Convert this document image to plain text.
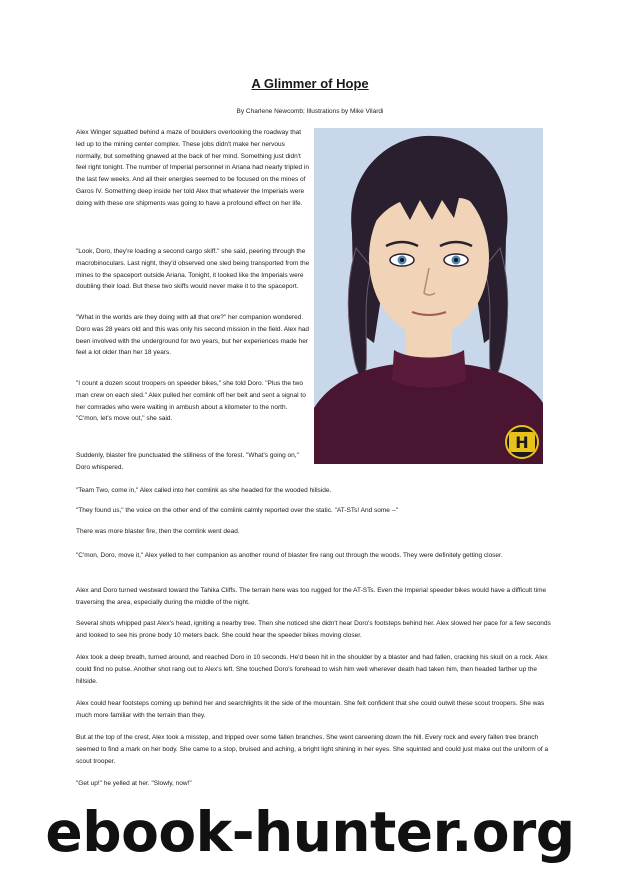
A Glimmer of Hope

By Charlene Newcomb; Illustrations by Mike Vilardi

Alex Winger squatted behind a maze of boulders overlooking the roadway that led up to the mining center complex. These jobs didn't make her nervous normally, but something gnawed at the back of her mind. Something just didn't feel right tonight. The number of Imperial personnel in Ariana had nearly tripled in the last few weeks. And all their energies seemed to be focused on the mines of Garos IV. Something deep inside her told Alex that whatever the Imperials were doing with these ore shipments was going to have a profound effect on her life.

"Look, Doro, they're loading a second cargo skiff." she said, peering through the macrobinoculars. Last night, they'd observed one sled being transported from the mines to the spaceport outside Ariana. Tonight, it looked like the Imperials were doubling their load. But these two skiffs would never make it to the spaceport.

"What in the worlds are they doing with all that ore?" her companion wondered. Doro was 28 years old and this was only his second mission in the field. Alex had been involved with the underground for two years, but her experiences made her feel a lot older than her 18 years.

"I count a dozen scout troopers on speeder bikes," she told Doro. "Plus the two man crew on each sled." Alex pulled her comlink off her belt and sent a signal to her comrades who were waiting in ambush about a kilometer to the north. "C'mon, let's move out," she said.

Suddenly, blaster fire punctuated the stillness of the forest. "What's going on," Doro whispered.

"Team Two, come in," Alex called into her comlink as she headed for the wooded hillside.

"They found us," the voice on the other end of the comlink calmly reported over the static. "AT-STs! And some --"

There was more blaster fire, then the comlink went dead.

"C'mon, Doro, move it," Alex yelled to her companion as another round of blaster fire rang out through the woods. They were definitely getting closer.

Alex and Doro turned westward toward the Tahika Cliffs. The terrain here was too rugged for the AT-STs. Even the Imperial speeder bikes would have a difficult time traversing the area, especially during the middle of the night.

Several shots whipped past Alex's head, igniting a nearby tree. Then she noticed she didn't hear Doro's footsteps behind her. Alex slowed her pace for a few seconds and looked to see his prone body 10 meters back. She could hear the speeder bikes moving closer.

Alex took a deep breath, turned around, and reached Doro in 10 seconds. He'd been hit in the shoulder by a blaster and had fallen, cracking his skull on a rock. Alex could find no pulse. Another shot rang out to Alex's left. She touched Doro's forehead to wish him well wherever death had taken him, then headed farther up the hillside.

Alex could hear footsteps coming up behind her and searchlights lit the side of the mountain. She felt confident that she could outwit these scout troopers. She was much more familiar with the terrain than they.

But at the top of the crest, Alex took a misstep, and tripped over some fallen branches. She went careening down the hill. Every rock and every fallen tree branch seemed to find a mark on her body. She came to a stop, bruised and aching, a bright light shining in her eyes. She squinted and could just make out the uniform of a scout trooper.

"Get up!" he yelled at her. "Slowly, now!"

H
ebook-hunter.org
